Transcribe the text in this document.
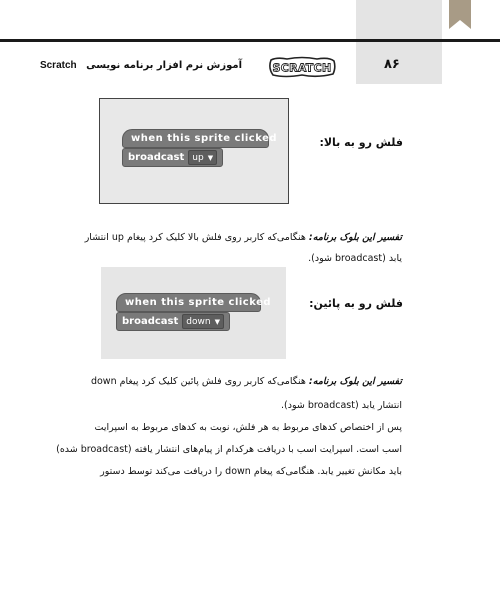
۸۶
SCRATCH
آموزش نرم افزار برنامه نویسی Scratch
فلش رو به بالا:
when this sprite clicked
broadcast up ▼
تفسیر این بلوک برنامه: هنگامی‌که کاربر روی فلش بالا کلیک کرد پیغام up انتشار
یابد (broadcast شود).
فلش رو به پائین:
when this sprite clicked
broadcast down ▼
تفسیر این بلوک برنامه: هنگامی‌که کاربر روی فلش پائین کلیک کرد پیغام down
انتشار یابد (broadcast شود).
پس از اختصاص کدهای مربوط به هر فلش، نوبت به کدهای مربوط به اسپرایت
اسب است. اسپرایت اسب با دریافت هرکدام از پیام‌های انتشار یافته (broadcast شده)
باید مکانش تغییر یابد. هنگامی‌که پیغام down را دریافت می‌کند توسط دستور
